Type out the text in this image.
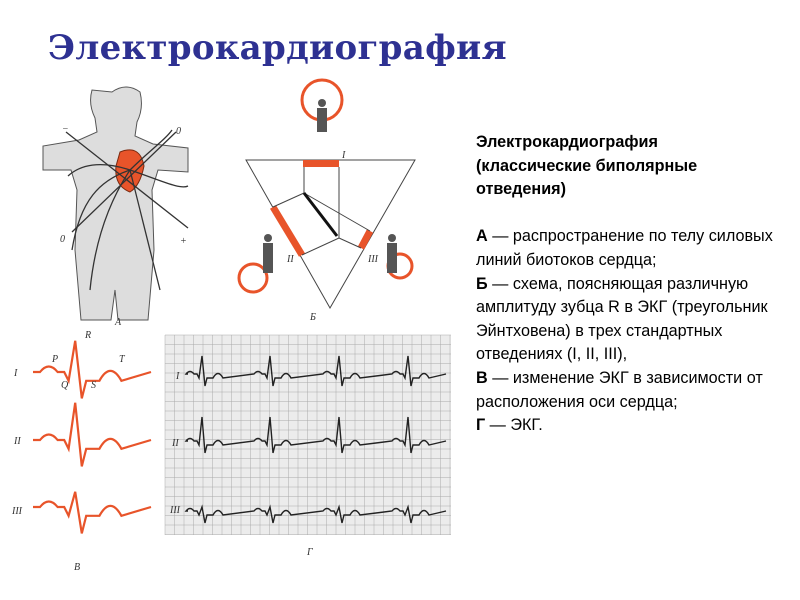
Электрокардиография
−	0
0	+
А
I
II	III
Б
I
II
III
P
Q
R
S
T
В
I
II
III
Г

Электрокардиография
(классические биполярные
отведения)

А — распространение по телу силовых линий биотоков сердца;

Б — схема, поясняющая различную амплитуду зубца R в ЭКГ (треугольник Эйнтховена) в трех стандартных отведениях (I, II, III),

В — изменение ЭКГ в зависимости от расположения оси сердца;

Г — ЭКГ.
